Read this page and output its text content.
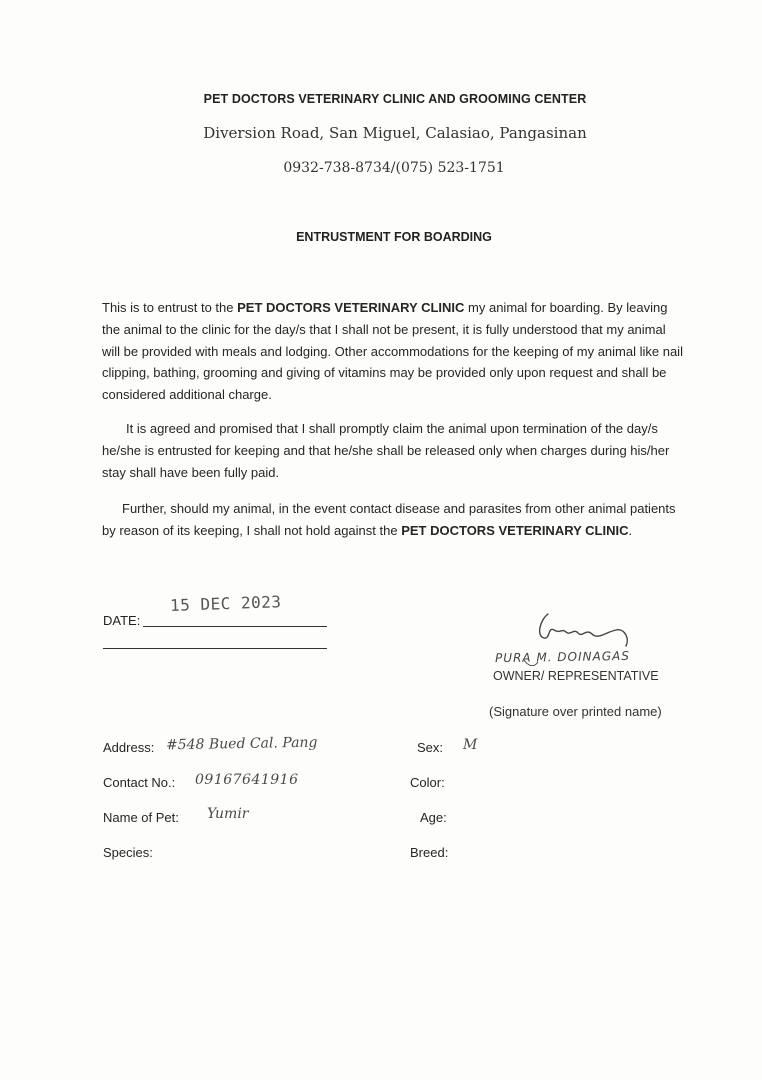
PET DOCTORS VETERINARY CLINIC AND GROOMING CENTER
Diversion Road, San Miguel, Calasiao, Pangasinan
0932-738-8734/(075) 523-1751
ENTRUSTMENT FOR BOARDING
This is to entrust to the PET DOCTORS VETERINARY CLINIC my animal for boarding. By leaving the animal to the clinic for the day/s that I shall not be present, it is fully understood that my animal will be provided with meals and lodging. Other accommodations for the keeping of my animal like nail clipping, bathing, grooming and giving of vitamins may be provided only upon request and shall be considered additional charge.
It is agreed and promised that I shall promptly claim the animal upon termination of the day/s he/she is entrusted for keeping and that he/she shall be released only when charges during his/her stay shall have been fully paid.
Further, should my animal, in the event contact disease and parasites from other animal patients by reason of its keeping, I shall not hold against the PET DOCTORS VETERINARY CLINIC.
DATE:
15 DEC 2023
PURA M. DOINAGAS
OWNER/ REPRESENTATIVE
(Signature over printed name)
Address: #548 Bued Cal. Pang
Contact No.: 09167641916
Name of Pet: Yumir
Species:
Sex: M
Color:
Age:
Breed:
